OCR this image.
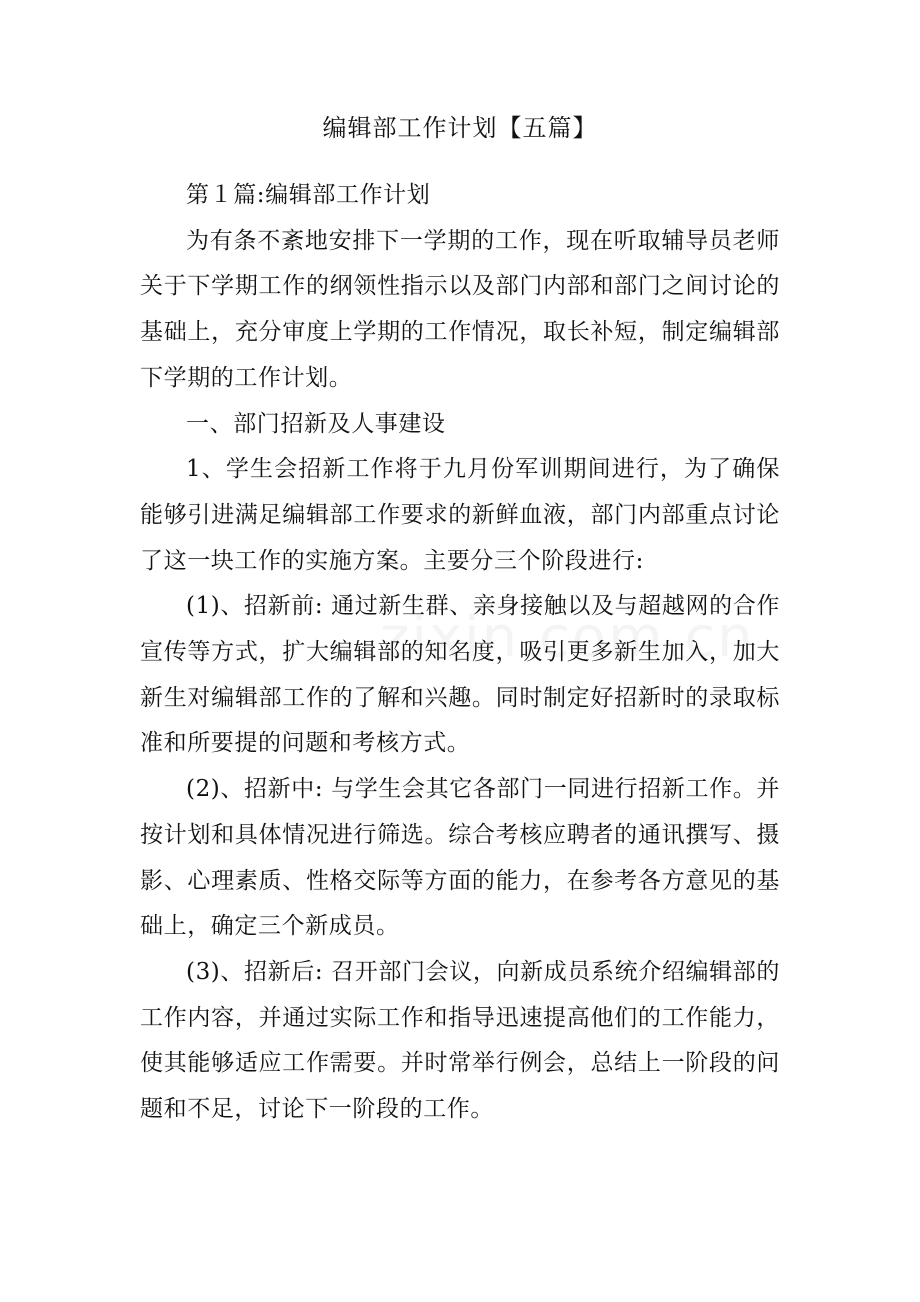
编辑部工作计划【五篇】

第１篇:编辑部工作计划

为有条不紊地安排下一学期的工作，现在听取辅导员老师关于下学期工作的纲领性指示以及部门内部和部门之间讨论的基础上，充分审度上学期的工作情况，取长补短，制定编辑部下学期的工作计划。

一、部门招新及人事建设

1、学生会招新工作将于九月份军训期间进行，为了确保能够引进满足编辑部工作要求的新鲜血液，部门内部重点讨论了这一块工作的实施方案。主要分三个阶段进行:

(1)、招新前: 通过新生群、亲身接触以及与超越网的合作宣传等方式，扩大编辑部的知名度，吸引更多新生加入，加大新生对编辑部工作的了解和兴趣。同时制定好招新时的录取标准和所要提的问题和考核方式。

(2)、招新中: 与学生会其它各部门一同进行招新工作。并按计划和具体情况进行筛选。综合考核应聘者的通讯撰写、摄影、心理素质、性格交际等方面的能力，在参考各方意见的基础上，确定三个新成员。

(3)、招新后: 召开部门会议，向新成员系统介绍编辑部的工作内容，并通过实际工作和指导迅速提高他们的工作能力，使其能够适应工作需要。并时常举行例会，总结上一阶段的问题和不足，讨论下一阶段的工作。
